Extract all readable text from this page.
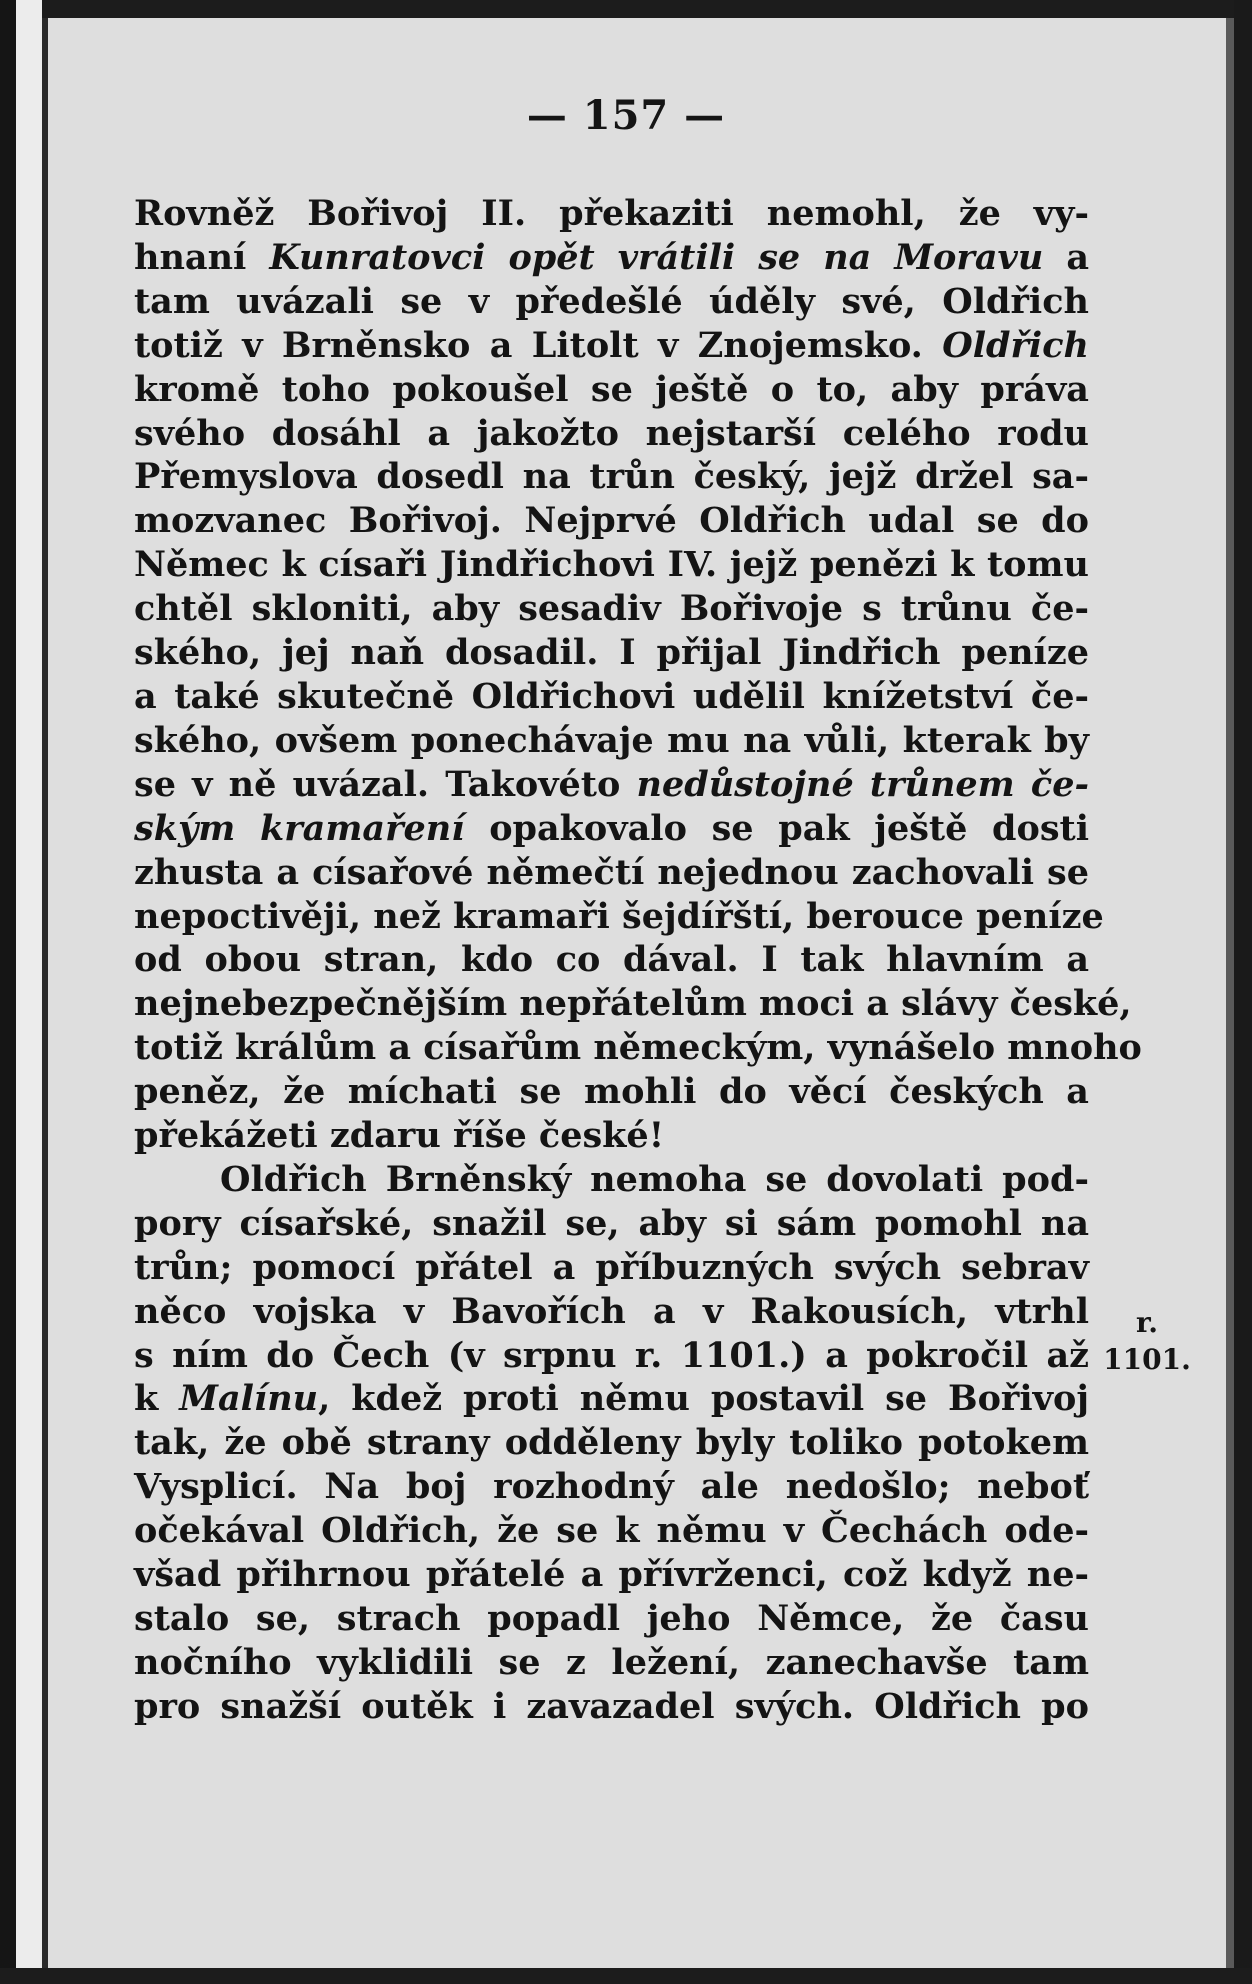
— 157 —
Rovněž Bořivoj II. překaziti nemohl, že vy-
hnaní Kunratovci opět vrátili se na Moravu a
tam uvázali se v předešlé úděly své, Oldřich
totiž v Brněnsko a Litolt v Znojemsko. Oldřich
kromě toho pokoušel se ještě o to, aby práva
svého dosáhl a jakožto nejstarší celého rodu
Přemyslova dosedl na trůn český, jejž držel sa-
mozvanec Bořivoj. Nejprvé Oldřich udal se do
Němec k císaři Jindřichovi IV. jejž penězi k tomu
chtěl skloniti, aby sesadiv Bořivoje s trůnu če-
ského, jej naň dosadil. I přijal Jindřich peníze
a také skutečně Oldřichovi udělil knížetství če-
ského, ovšem ponechávaje mu na vůli, kterak by
se v ně uvázal. Takovéto nedůstojné trůnem če-
ským kramaření opakovalo se pak ještě dosti
zhusta a císařové němečtí nejednou zachovali se
nepoctivěji, než kramaři šejdířští, berouce peníze
od obou stran, kdo co dával. I tak hlavním a
nejnebezpečnějším nepřátelům moci a slávy české,
totiž králům a císařům německým, vynášelo mnoho
peněz, že míchati se mohli do věcí českých a
překážeti zdaru říše české!
Oldřich Brněnský nemoha se dovolati pod-
pory císařské, snažil se, aby si sám pomohl na
trůn; pomocí přátel a příbuzných svých sebrav
něco vojska v Bavořích a v Rakousích, vtrhl
s ním do Čech (v srpnu r. 1101.) a pokročil až
k Malínu, kdež proti němu postavil se Bořivoj
tak, že obě strany odděleny byly toliko potokem
Vysplicí. Na boj rozhodný ale nedošlo; neboť
očekával Oldřich, že se k němu v Čechách ode-
všad přihrnou přátelé a přívrženci, což když ne-
stalo se, strach popadl jeho Němce, že času
nočního vyklidili se z ležení, zanechavše tam
pro snažší outěk i zavazadel svých. Oldřich po
r.
1101.
